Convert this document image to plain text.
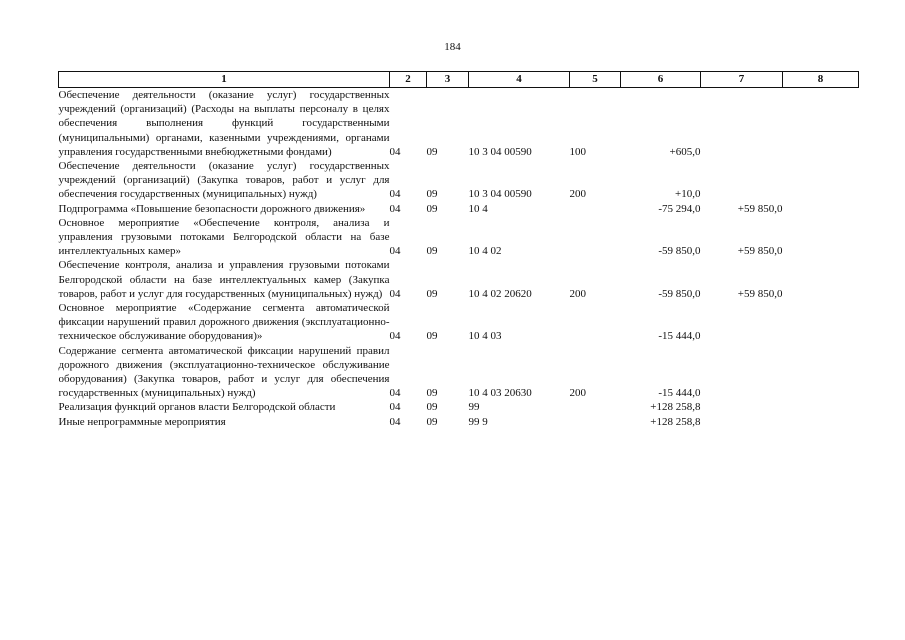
184
1	2	3	4	5	6	7	8
Обеспечение деятельности (оказание услуг) государственных учреждений (организаций) (Расходы на выплаты персоналу в целях обеспечения выполнения функций государственными (муниципальными) органами, казенными учреждениями, органами управления государственными внебюджетными фондами)	04	09	10 3 04 00590	100	+605,0		
Обеспечение деятельности (оказание услуг) государственных учреждений (организаций) (Закупка товаров, работ и услуг для обеспечения государственных (муниципальных) нужд)	04	09	10 3 04 00590	200	+10,0		
Подпрограмма «Повышение безопасности дорожного движения»	04	09	10 4		-75 294,0	+59 850,0	
Основное мероприятие «Обеспечение контроля, анализа и управления грузовыми потоками Белгородской области на базе интеллектуальных камер»	04	09	10 4 02		-59 850,0	+59 850,0	
Обеспечение контроля, анализа и управления грузовыми потоками Белгородской области на базе интеллектуальных камер (Закупка товаров, работ и услуг для государственных (муниципальных) нужд)	04	09	10 4 02 20620	200	-59 850,0	+59 850,0	
Основное мероприятие «Содержание сегмента автоматической фиксации нарушений правил дорожного движения (эксплуатационно-техническое обслуживание оборудования)»	04	09	10 4 03		-15 444,0		
Содержание сегмента автоматической фиксации нарушений правил дорожного движения (эксплуатационно-техническое обслуживание оборудования) (Закупка товаров, работ и услуг для обеспечения государственных (муниципальных) нужд)	04	09	10 4 03 20630	200	-15 444,0		
Реализация функций органов власти Белгородской области	04	09	99		+128 258,8		
Иные непрограммные мероприятия	04	09	99 9		+128 258,8		
